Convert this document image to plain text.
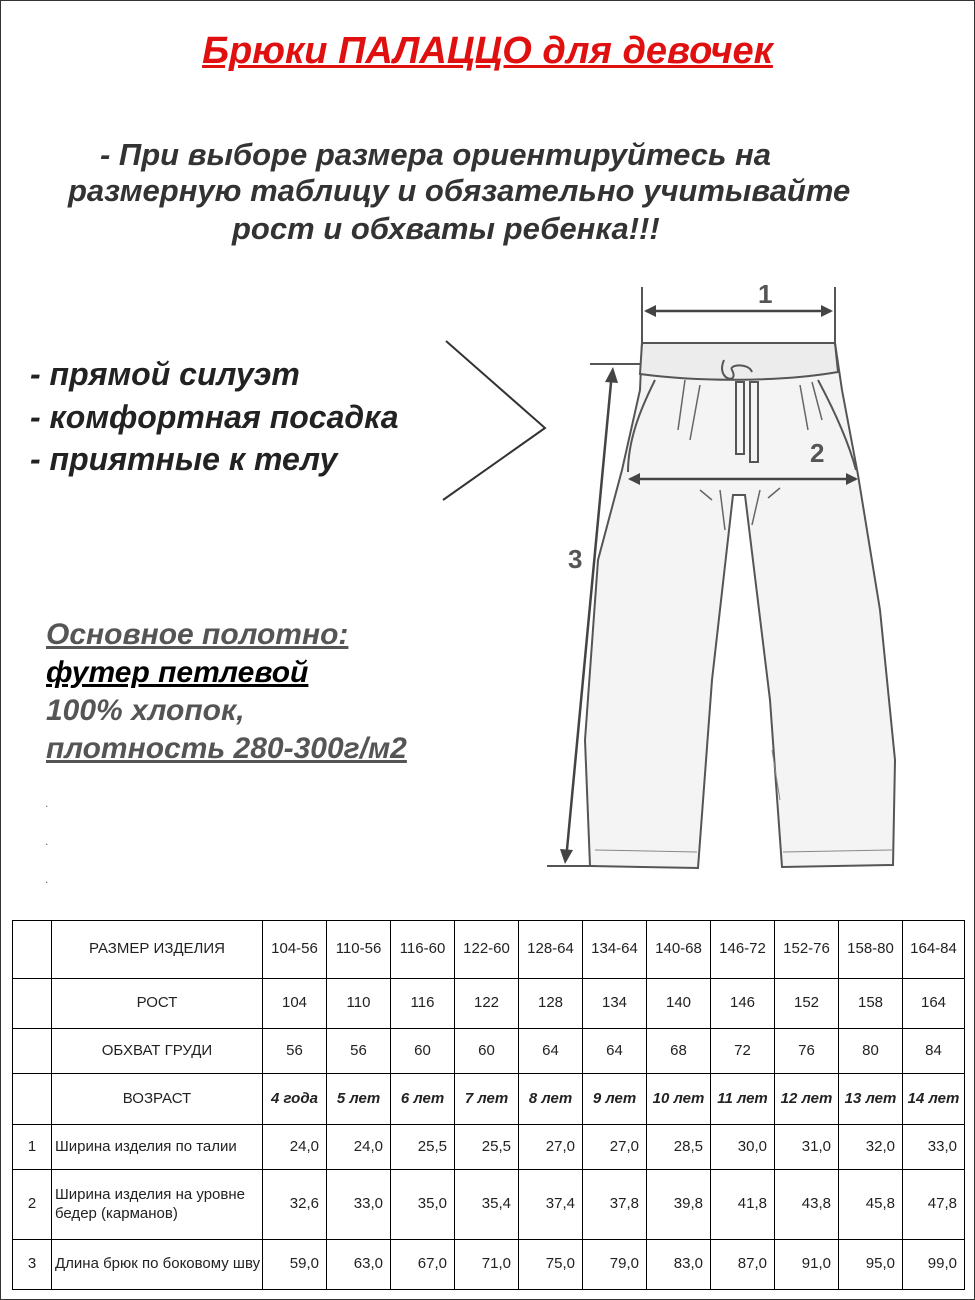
Брюки ПАЛАЦЦО для девочек
- При выборе размера ориентируйтесь на
размерную таблицу и обязательно учитывайте
рост и обхваты ребенка!!!
- прямой силуэт
- комфортная посадка
- приятные к телу
Основное полотно:
футер петлевой
100% хлопок,
плотность 280-300г/м2
.
.
.
1
2
3
	РАЗМЕР ИЗДЕЛИЯ	104-56	110-56	116-60	122-60	128-64	134-64	140-68	146-72	152-76	158-80	164-84
	РОСТ	104	110	116	122	128	134	140	146	152	158	164
	ОБХВАТ ГРУДИ	56	56	60	60	64	64	68	72	76	80	84
	ВОЗРАСТ	4 года	5 лет	6 лет	7 лет	8 лет	9 лет	10 лет	11 лет	12 лет	13 лет	14 лет
1	Ширина изделия по талии	24,0	24,0	25,5	25,5	27,0	27,0	28,5	30,0	31,0	32,0	33,0
2	Ширина изделия на уровне бедер (карманов)	32,6	33,0	35,0	35,4	37,4	37,8	39,8	41,8	43,8	45,8	47,8
3	Длина брюк по боковому шву	59,0	63,0	67,0	71,0	75,0	79,0	83,0	87,0	91,0	95,0	99,0
